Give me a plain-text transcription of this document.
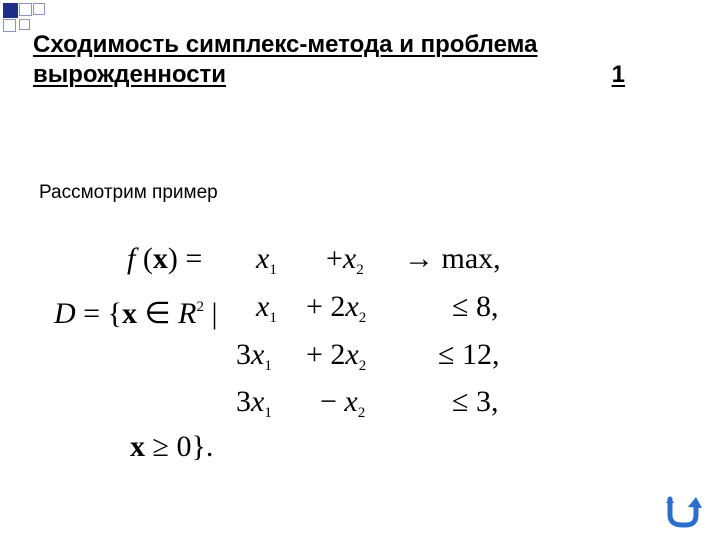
Сходимость симплекс-метода и проблема
вырожденности	1
Рассмотрим пример
f $(x) = x_1 +x_2 \to \max$,
D = {x ∈ $R^2$ | $x_1 + 2x_2$	≤ 8,
$3x_1 + 2x_2 \le 12$,
$3x_1 - x_2$	≤ 3,
x ≥ 0}.
